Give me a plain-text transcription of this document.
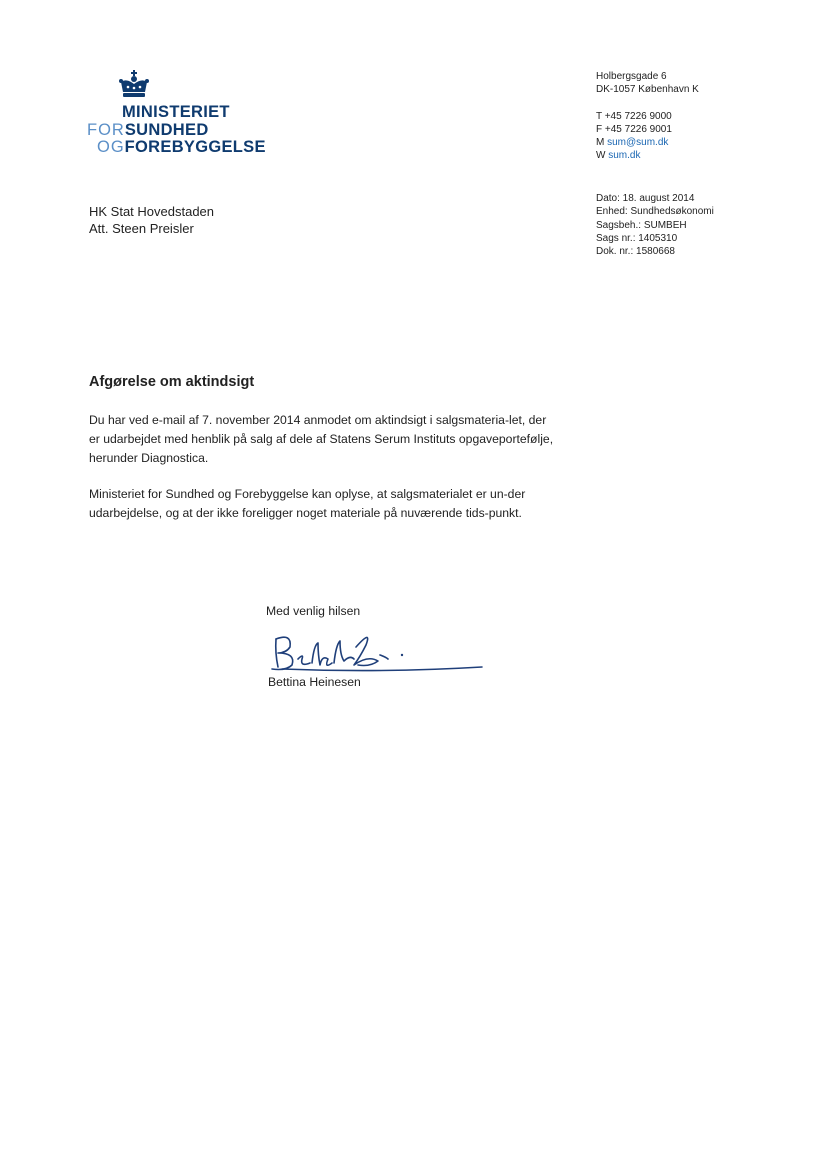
MINISTERIET
FORSUNDHED
OGFOREBYGGELSE
Holbergsgade 6
DK-1057 København K
T +45 7226 9000
F +45 7226 9001
M sum@sum.dk
W sum.dk
Dato: 18. august 2014
Enhed: Sundhedsøkonomi
Sagsbeh.: SUMBEH
Sags nr.: 1405310
Dok. nr.: 1580668
HK Stat Hovedstaden
Att. Steen Preisler
Afgørelse om aktindsigt

Du har ved e-mail af 7. november 2014 anmodet om aktindsigt i salgsmateria-let, der er udarbejdet med henblik på salg af dele af Statens Serum Instituts opgaveportefølje, herunder Diagnostica.

Ministeriet for Sundhed og Forebyggelse kan oplyse, at salgsmaterialet er un-der udarbejdelse, og at der ikke foreligger noget materiale på nuværende tids-punkt.

Med venlig hilsen
Bettina Heinesen
